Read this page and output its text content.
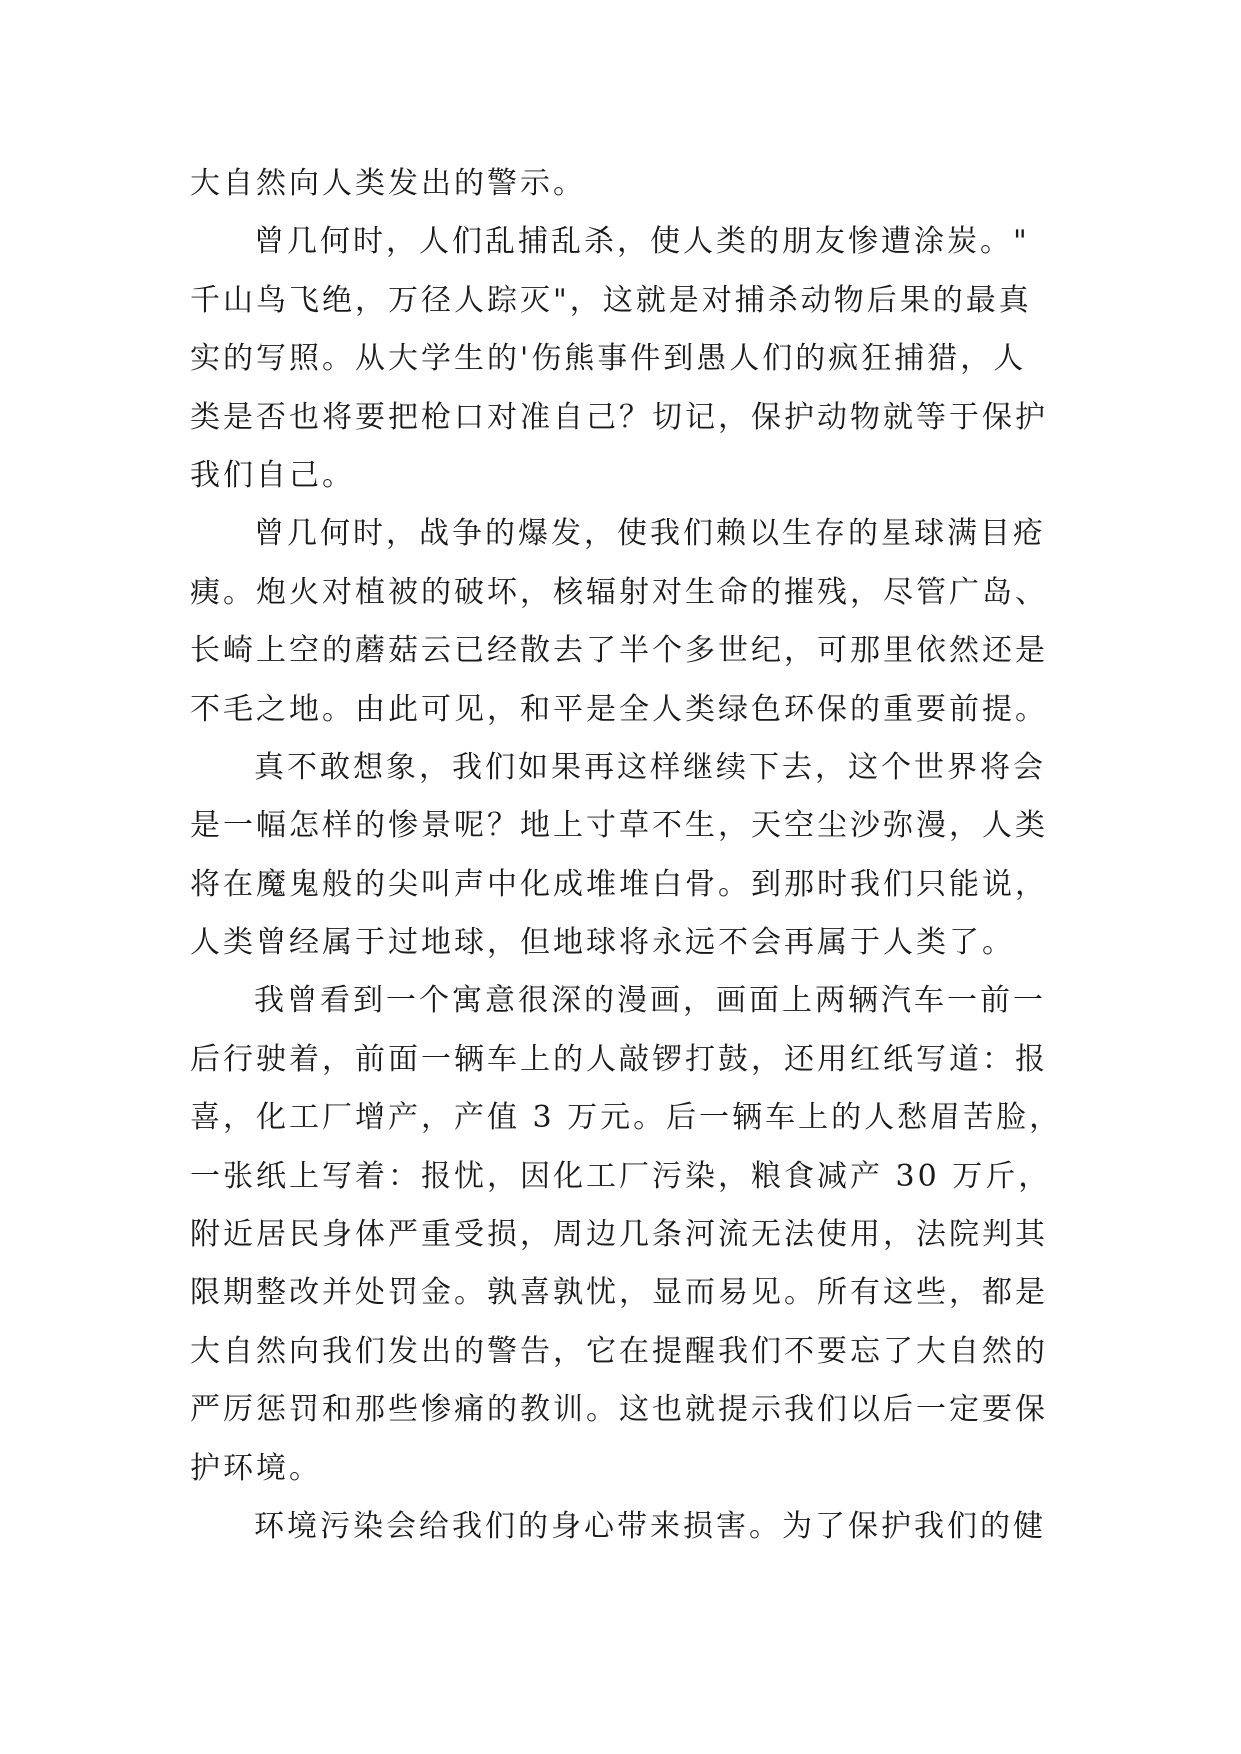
大自然向人类发出的警示。
曾几何时，人们乱捕乱杀，使人类的朋友惨遭涂炭。"
千山鸟飞绝，万径人踪灭"，这就是对捕杀动物后果的最真
实的写照。从大学生的'伤熊事件到愚人们的疯狂捕猎，人
类是否也将要把枪口对准自己？切记，保护动物就等于保护
我们自己。
曾几何时，战争的爆发，使我们赖以生存的星球满目疮
痍。炮火对植被的破坏，核辐射对生命的摧残，尽管广岛、
长崎上空的蘑菇云已经散去了半个多世纪，可那里依然还是
不毛之地。由此可见，和平是全人类绿色环保的重要前提。
真不敢想象，我们如果再这样继续下去，这个世界将会
是一幅怎样的惨景呢？地上寸草不生，天空尘沙弥漫，人类
将在魔鬼般的尖叫声中化成堆堆白骨。到那时我们只能说，
人类曾经属于过地球，但地球将永远不会再属于人类了。
我曾看到一个寓意很深的漫画，画面上两辆汽车一前一
后行驶着，前面一辆车上的人敲锣打鼓，还用红纸写道：报
喜，化工厂增产，产值 3 万元。后一辆车上的人愁眉苦脸，
一张纸上写着：报忧，因化工厂污染，粮食减产 30 万斤，
附近居民身体严重受损，周边几条河流无法使用，法院判其
限期整改并处罚金。孰喜孰忧，显而易见。所有这些，都是
大自然向我们发出的警告，它在提醒我们不要忘了大自然的
严厉惩罚和那些惨痛的教训。这也就提示我们以后一定要保
护环境。
环境污染会给我们的身心带来损害。为了保护我们的健
